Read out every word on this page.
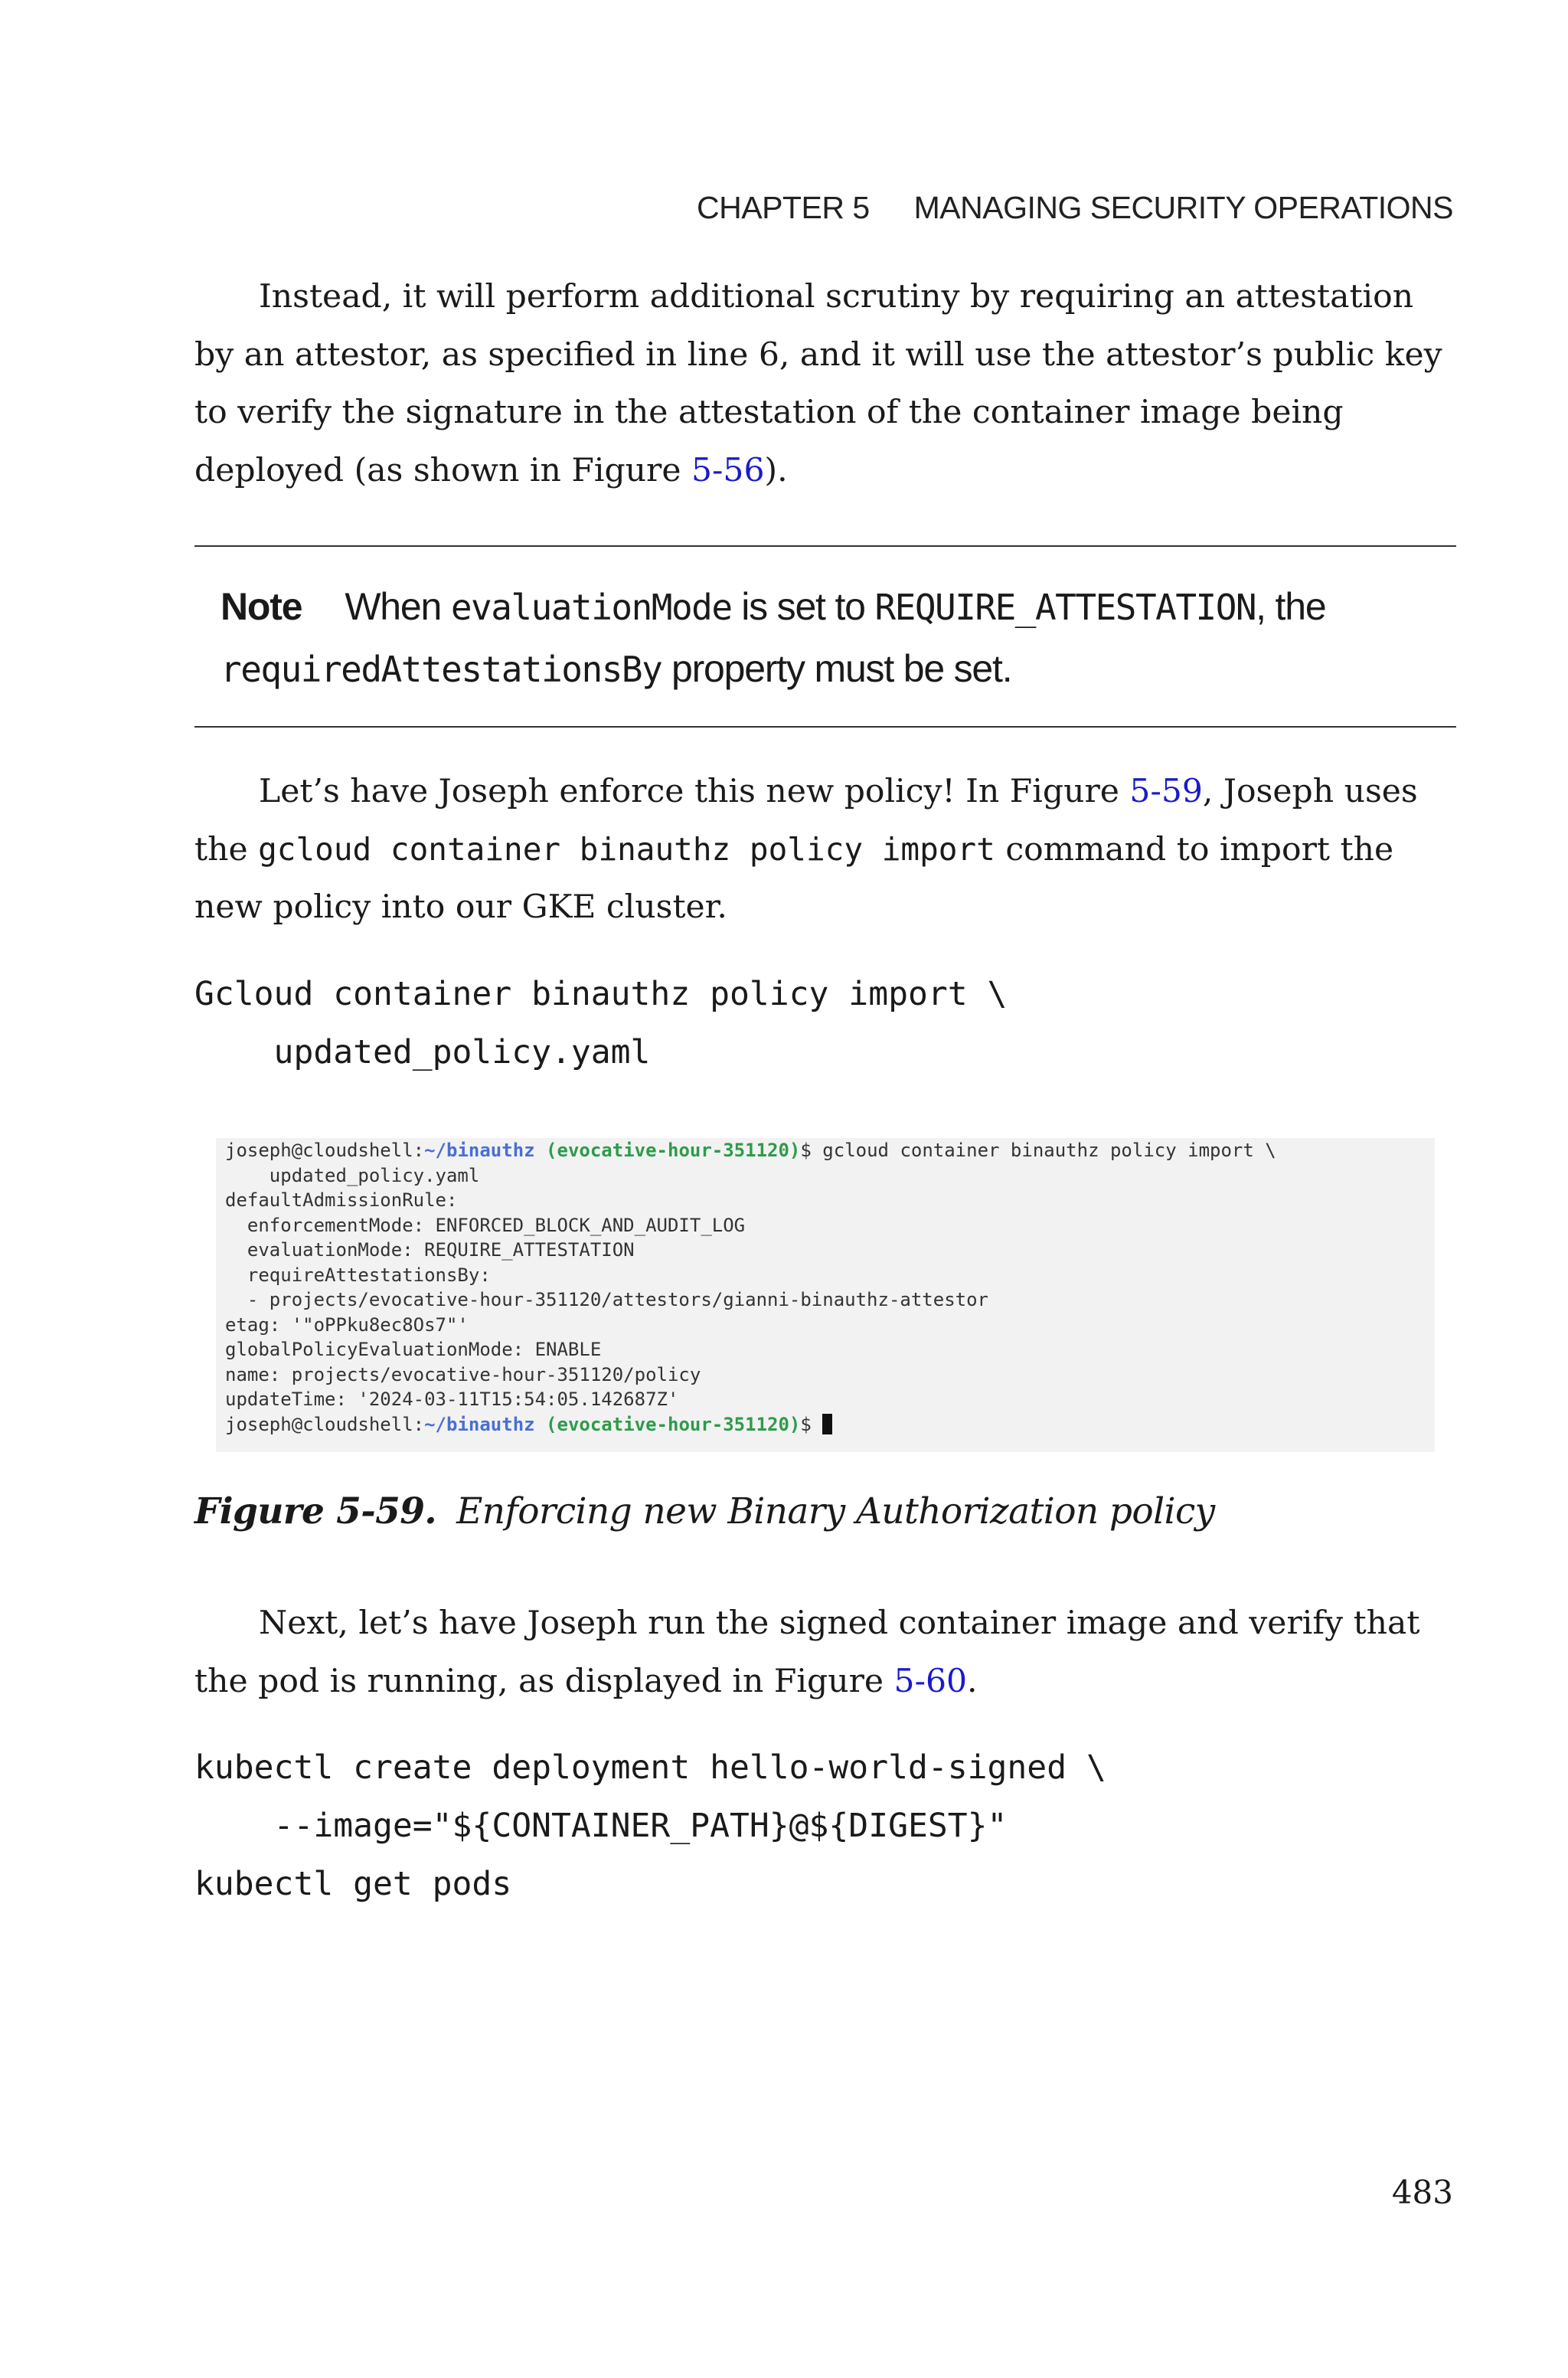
CHAPTER 5 MANAGING SECURITY OPERATIONS
Instead, it will perform additional scrutiny by requiring an attestation by an attestor, as specified in line 6, and it will use the attestor’s public key to verify the signature in the attestation of the container image being deployed (as shown in Figure 5-56).
Note When evaluationMode is set to REQUIRE_ATTESTATION, the requiredAttestationsBy property must be set.
Let’s have Joseph enforce this new policy! In Figure 5-59, Joseph uses the gcloud container binauthz policy import command to import the new policy into our GKE cluster.
Gcloud container binauthz policy import \
updated_policy.yaml
joseph@cloudshell:~/binauthz (evocative-hour-351120)$ gcloud container binauthz policy import \
updated_policy.yaml
defaultAdmissionRule:
enforcementMode: ENFORCED_BLOCK_AND_AUDIT_LOG
evaluationMode: REQUIRE_ATTESTATION
requireAttestationsBy:
- projects/evocative-hour-351120/attestors/gianni-binauthz-attestor
etag: '"oPPku8ec8Os7"'
globalPolicyEvaluationMode: ENABLE
name: projects/evocative-hour-351120/policy
updateTime: '2024-03-11T15:54:05.142687Z'
joseph@cloudshell:~/binauthz (evocative-hour-351120)$
Figure 5-59. Enforcing new Binary Authorization policy
Next, let’s have Joseph run the signed container image and verify that the pod is running, as displayed in Figure 5-60.
kubectl create deployment hello-world-signed \
--image="${CONTAINER_PATH}@${DIGEST}"
kubectl get pods
483
